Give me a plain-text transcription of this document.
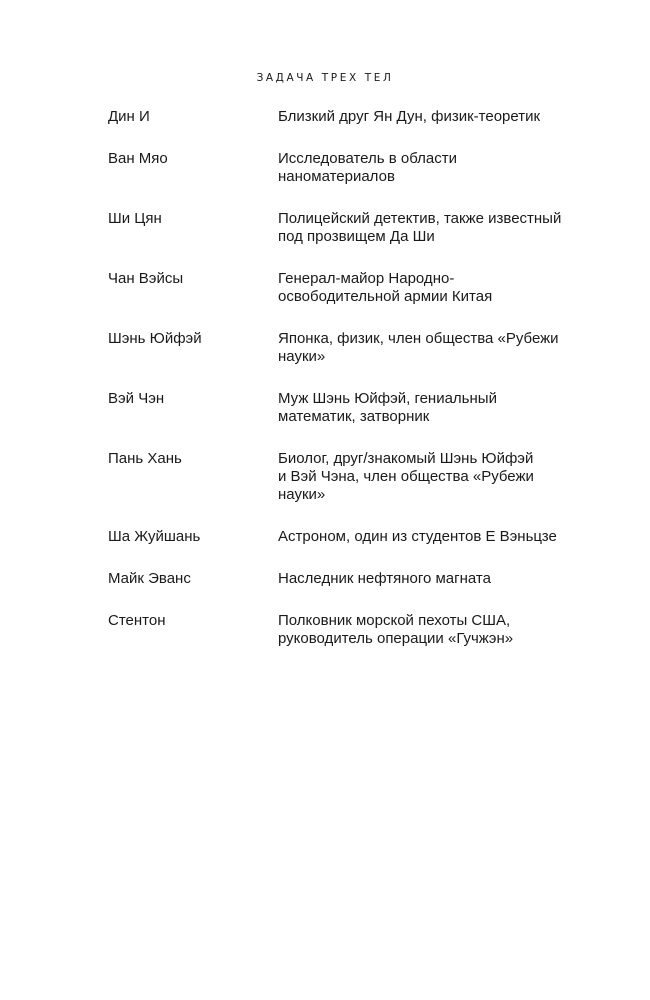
ЗАДАЧА ТРЕХ ТЕЛ
Дин И	Близкий друг Ян Дун, физик-теоретик
Ван Мяо	Исследователь в области
наноматериалов
Ши Цян	Полицейский детектив, также известный
под прозвищем Да Ши
Чан Вэйсы	Генерал-майор Народно-
освободительной армии Китая
Шэнь Юйфэй	Японка, физик, член общества «Рубежи
науки»
Вэй Чэн	Муж Шэнь Юйфэй, гениальный
математик, затворник
Пань Хань	Биолог, друг/знакомый Шэнь Юйфэй
и Вэй Чэна, член общества «Рубежи
науки»
Ша Жуйшань	Астроном, один из студентов Е Вэньцзе
Майк Эванс	Наследник нефтяного магната
Стентон	Полковник морской пехоты США,
руководитель операции «Гучжэн»
